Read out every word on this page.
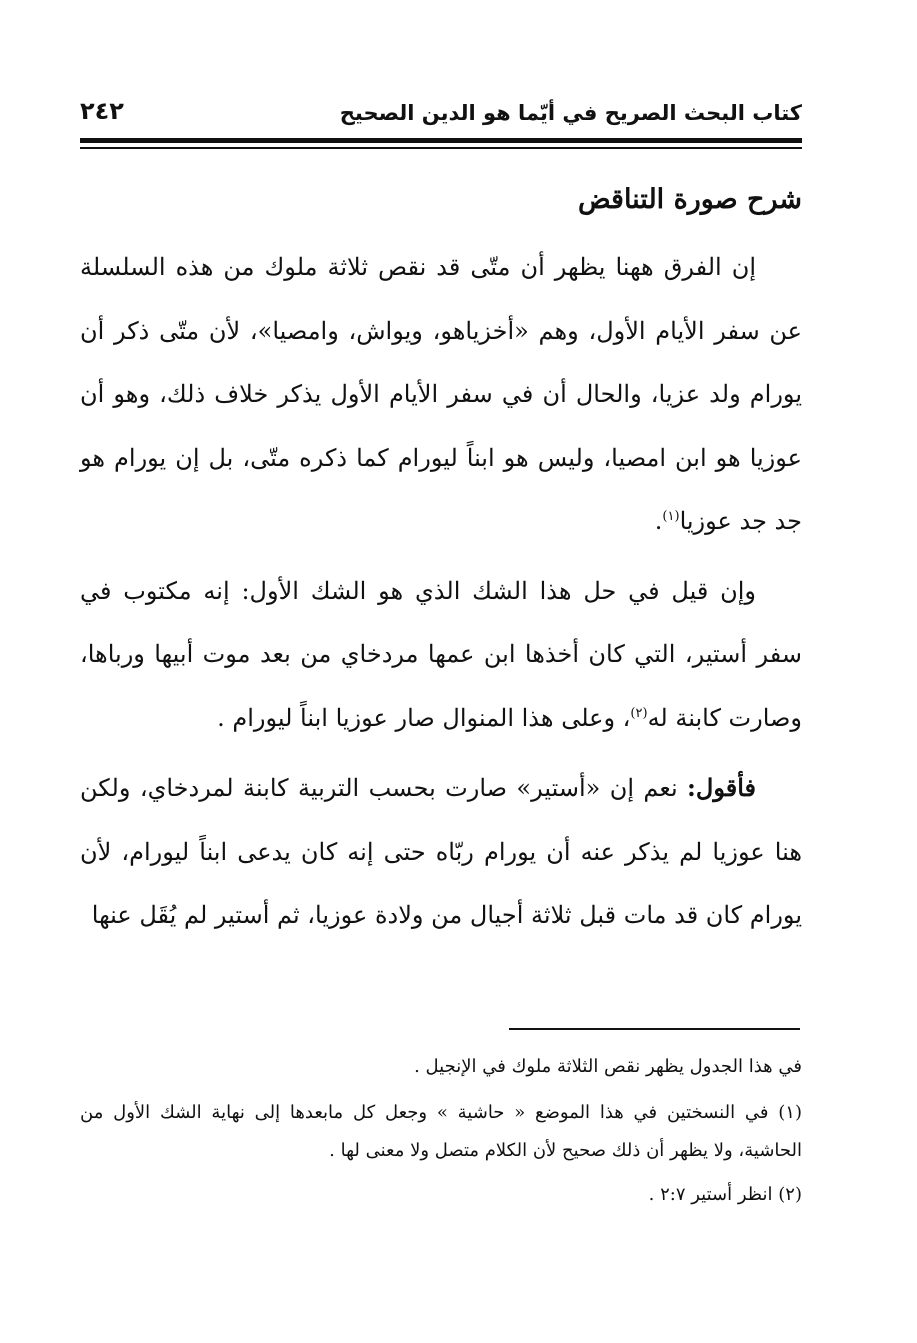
كتاب البحث الصريح في أيّما هو الدين الصحيح
٢٤٢
شرح صورة التناقض

إن الفرق ههنا يظهر أن متّى قد نقص ثلاثة ملوك من هذه السلسلة عن سفر الأيام الأول، وهم «أخزياهو، ويواش، وامصيا»، لأن متّى ذكر أن يورام ولد عزيا، والحال أن في سفر الأيام الأول يذكر خلاف ذلك، وهو أن عوزيا هو ابن امصيا، وليس هو ابناً ليورام كما ذكره متّى، بل إن يورام هو جد جد عوزيا$^{(١)}$.

وإن قيل في حل هذا الشك الذي هو الشك الأول: إنه مكتوب في سفر أستير، التي كان أخذها ابن عمها مردخاي من بعد موت أبيها ورباها، وصارت كابنة له$^{(٢)}$، وعلى هذا المنوال صار عوزيا ابناً ليورام .

فأقول: نعم إن «أستير» صارت بحسب التربية كابنة لمردخاي، ولكن هنا عوزيا لم يذكر عنه أن يورام ربّاه حتى إنه كان يدعى ابناً ليورام، لأن يورام كان قد مات قبل ثلاثة أجيال من ولادة عوزيا، ثم أستير لم يُقَل عنها

في هذا الجدول يظهر نقص الثلاثة ملوك في الإنجيل .

(١) في النسختين في هذا الموضع « حاشية » وجعل كل مابعدها إلى نهاية الشك الأول من الحاشية، ولا يظهر أن ذلك صحيح لأن الكلام متصل ولا معنى لها .

(٢) انظر أستير ٢:٧ .
